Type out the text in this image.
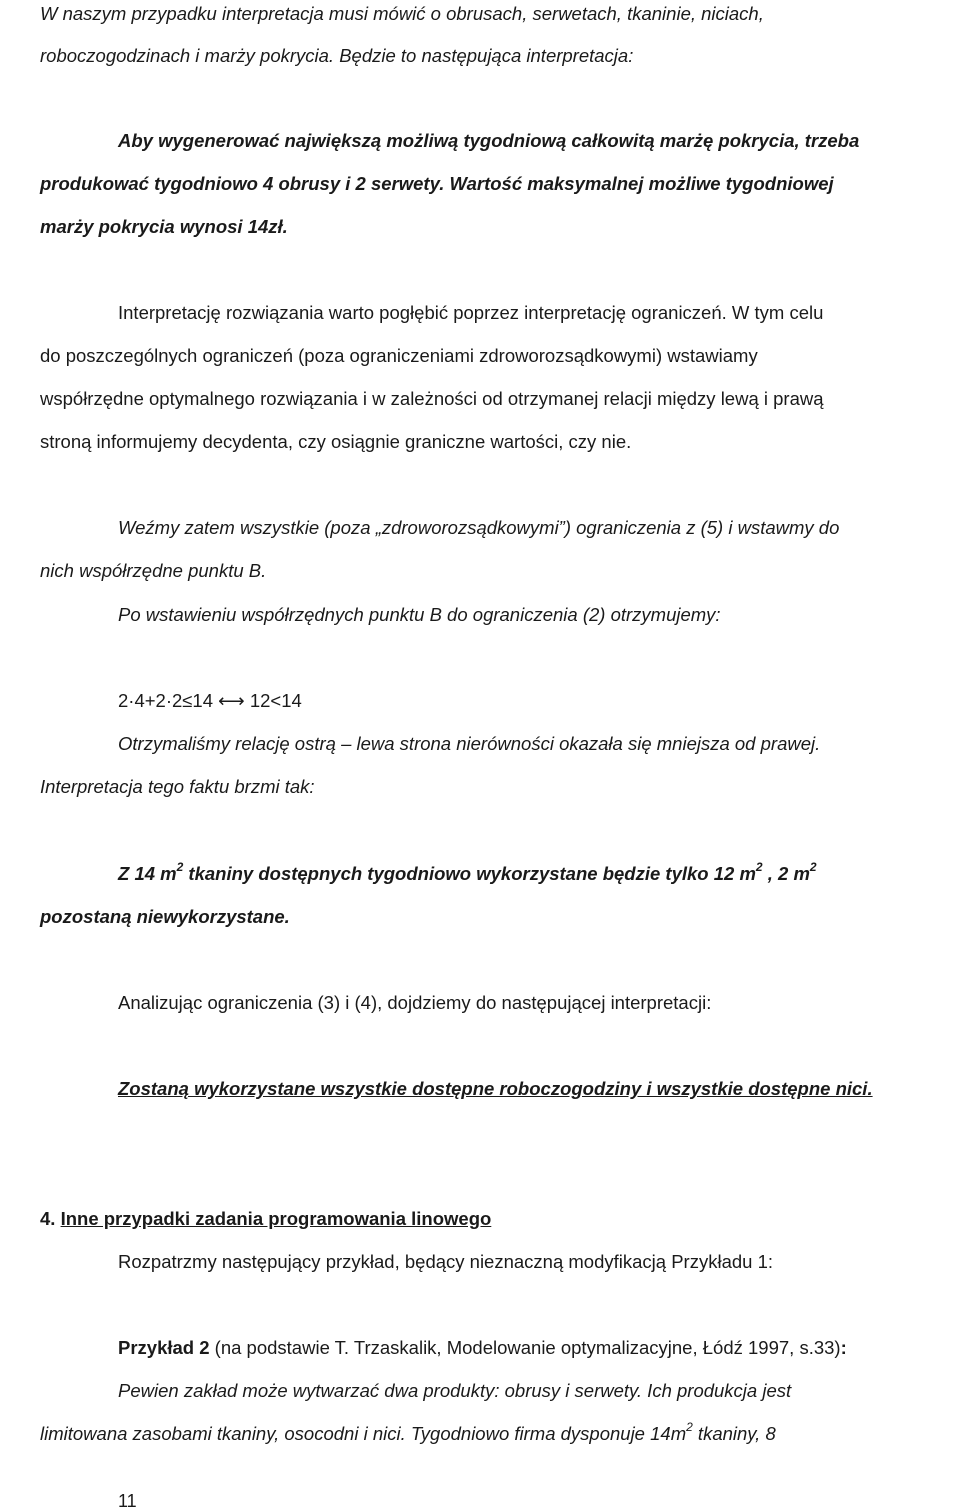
W naszym przypadku interpretacja musi mówić o obrusach, serwetach, tkaninie, niciach,
roboczogodzinach i marży pokrycia. Będzie to następująca interpretacja:
Aby wygenerować największą możliwą tygodniową całkowitą marżę pokrycia, trzeba
produkować tygodniowo 4 obrusy i 2 serwety. Wartość maksymalnej możliwe tygodniowej
marży pokrycia wynosi 14zł.
Interpretację rozwiązania warto pogłębić poprzez interpretację ograniczeń. W tym celu
do poszczególnych ograniczeń (poza ograniczeniami zdroworozsądkowymi) wstawiamy
współrzędne optymalnego rozwiązania i w zależności od otrzymanej relacji między lewą i prawą
stroną informujemy decydenta, czy osiągnie graniczne wartości, czy nie.
Weźmy zatem wszystkie (poza „zdroworozsądkowymi”) ograniczenia z (5) i wstawmy do
nich współrzędne punktu B.
Po wstawieniu współrzędnych punktu B do ograniczenia (2) otrzymujemy:
2·4+2·2≤14 ⟷ 12<14
Otrzymaliśmy relację ostrą – lewa strona nierówności okazała się mniejsza od prawej.
Interpretacja tego faktu brzmi tak:
Z 14 $m^2$ tkaniny dostępnych tygodniowo wykorzystane będzie tylko 12 $m^2$ , 2 $m^2$
pozostaną niewykorzystane.
Analizując ograniczenia (3) i (4), dojdziemy do następującej interpretacji:
Zostaną wykorzystane wszystkie dostępne roboczogodziny i wszystkie dostępne nici.
4. Inne przypadki zadania programowania linowego
Rozpatrzmy następujący przykład, będący nieznaczną modyfikacją Przykładu 1:
Przykład 2 (na podstawie T. Trzaskalik, Modelowanie optymalizacyjne, Łódź 1997, s.33):
Pewien zakład może wytwarzać dwa produkty: obrusy i serwety. Ich produkcja jest
limitowana zasobami tkaniny, osocodni i nici. Tygodniowo firma dysponuje $14m^2$ tkaniny, 8
11
